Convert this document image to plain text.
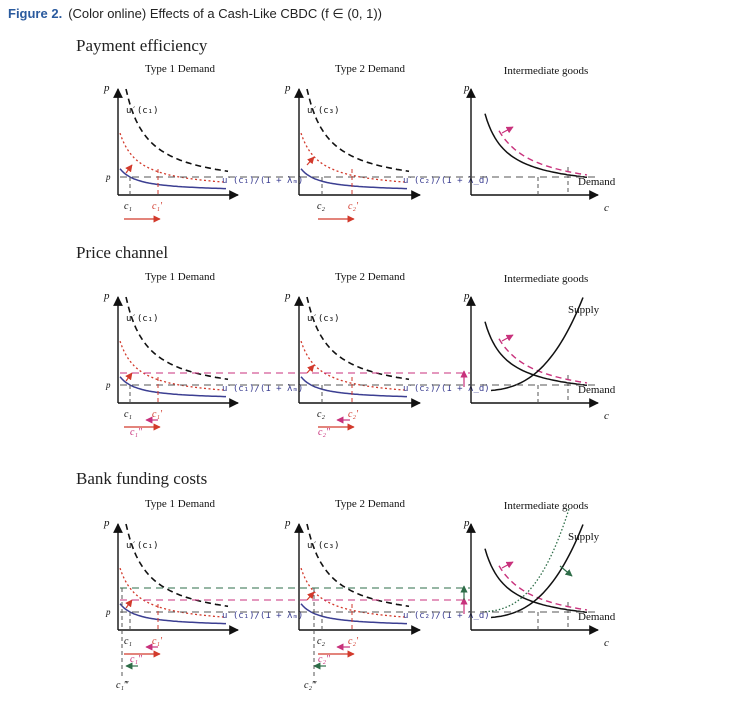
Figure 2. (Color online) Effects of a Cash-Like CBDC (f ∈ (0, 1))
Payment efficiency
Price channel
Bank funding costs
Type 1 Demand	Type 2 Demand	Intermediate goods
p
u′(c₁)
u′(c₁)/(1 + λₘ)
p
u′(c₃)
u′(c₂)/(1 + λ_d)
p
c
Demand
p
c₁ c₁′	c₂ c₂′
Type 1 Demand	Type 2 Demand	Intermediate goods
p
u′(c₁)
u′(c₁)/(1 + λₘ)
p
u′(c₃)
u′(c₂)/(1 + λ_d)
p
c
Demand
Supply
p
c₁ c₁′	c₂ c₂′
c₁″	c₂″
Type 1 Demand	Type 2 Demand	Intermediate goods
p
u′(c₁)
u′(c₁)/(1 + λₘ)
p
u′(c₃)
u′(c₂)/(1 + λ_d)
p
c
Demand
Supply
p
c₁ c₁′	c₂ c₂′
c₁″	c₂″
c₁‴	c₂‴
